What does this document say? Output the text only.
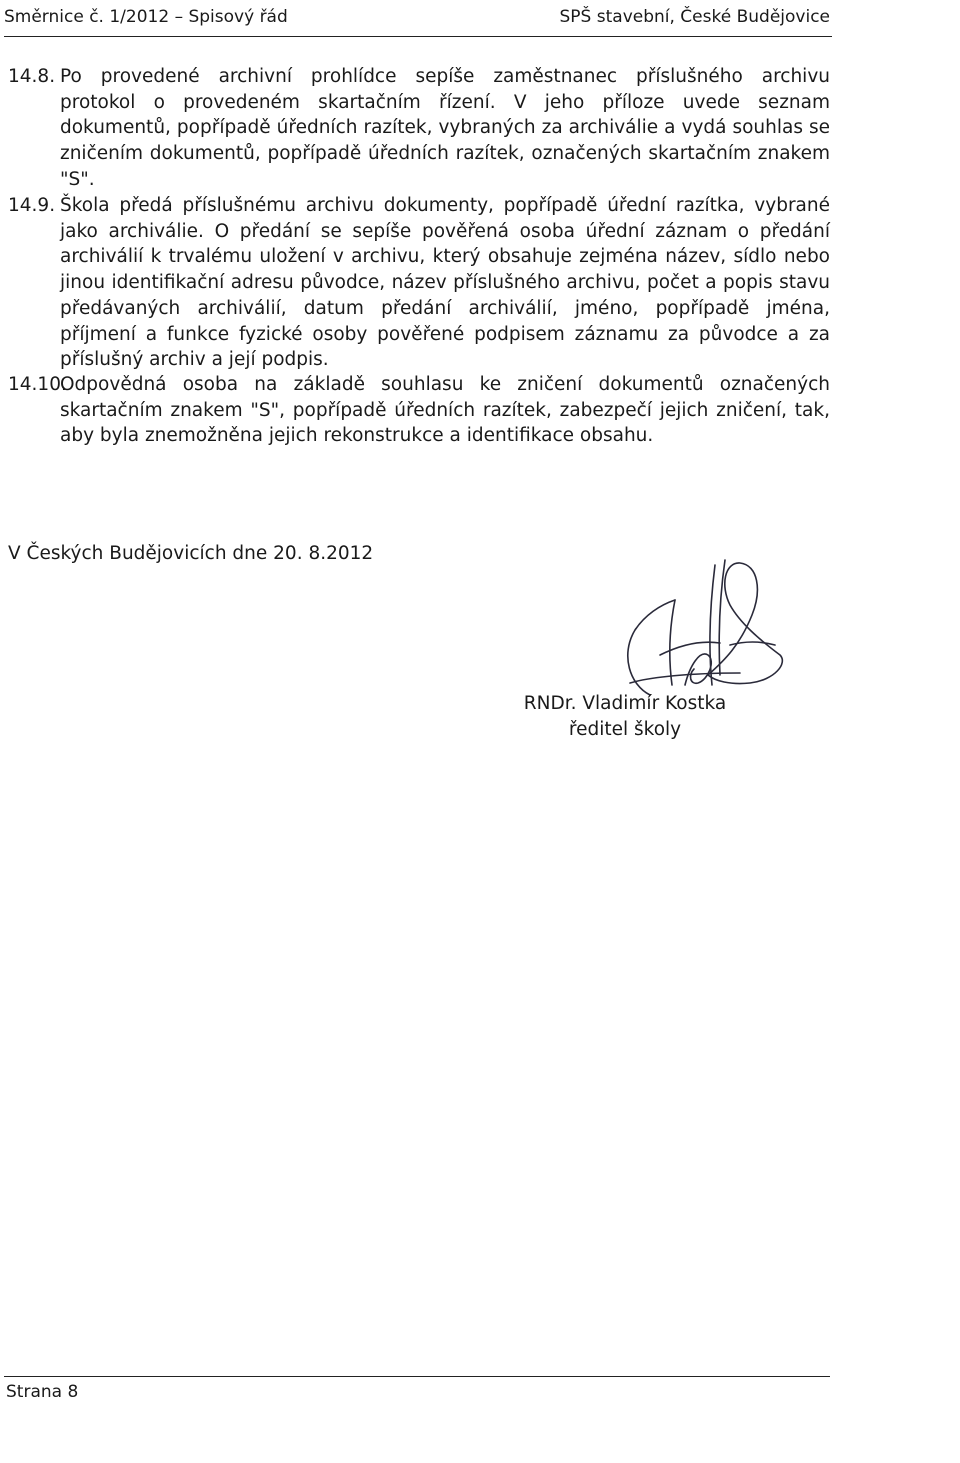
Směrnice č. 1/2012 – Spisový řád	SPŠ stavební, České Budějovice
14.8. Po provedené archivní prohlídce sepíše zaměstnanec příslušného archivu
protokol o provedeném skartačním řízení. V jeho příloze uvede seznam dokumentů, popřípadě úředních razítek, vybraných za archiválie a vydá souhlas se zničením dokumentů, popřípadě úředních razítek, označených skartačním znakem "S".
14.9. Škola předá příslušnému archivu dokumenty, popřípadě úřední razítka, vybrané
jako archiválie. O předání se sepíše pověřená osoba úřední záznam o předání archiválií k trvalému uložení v archivu, který obsahuje zejména název, sídlo nebo jinou identifikační adresu původce, název příslušného archivu, počet a popis stavu předávaných archiválií, datum předání archiválií, jméno, popřípadě jména, příjmení a funkce fyzické osoby pověřené podpisem záznamu za původce a za příslušný archiv a její podpis.
14.10.Odpovědná osoba na základě souhlasu ke zničení dokumentů označených
skartačním znakem "S", popřípadě úředních razítek, zabezpečí jejich zničení, tak, aby byla znemožněna jejich rekonstrukce a identifikace obsahu.
V Českých Budějovicích dne 20. 8.2012
RNDr. Vladimír Kostka
ředitel školy
Strana 8
